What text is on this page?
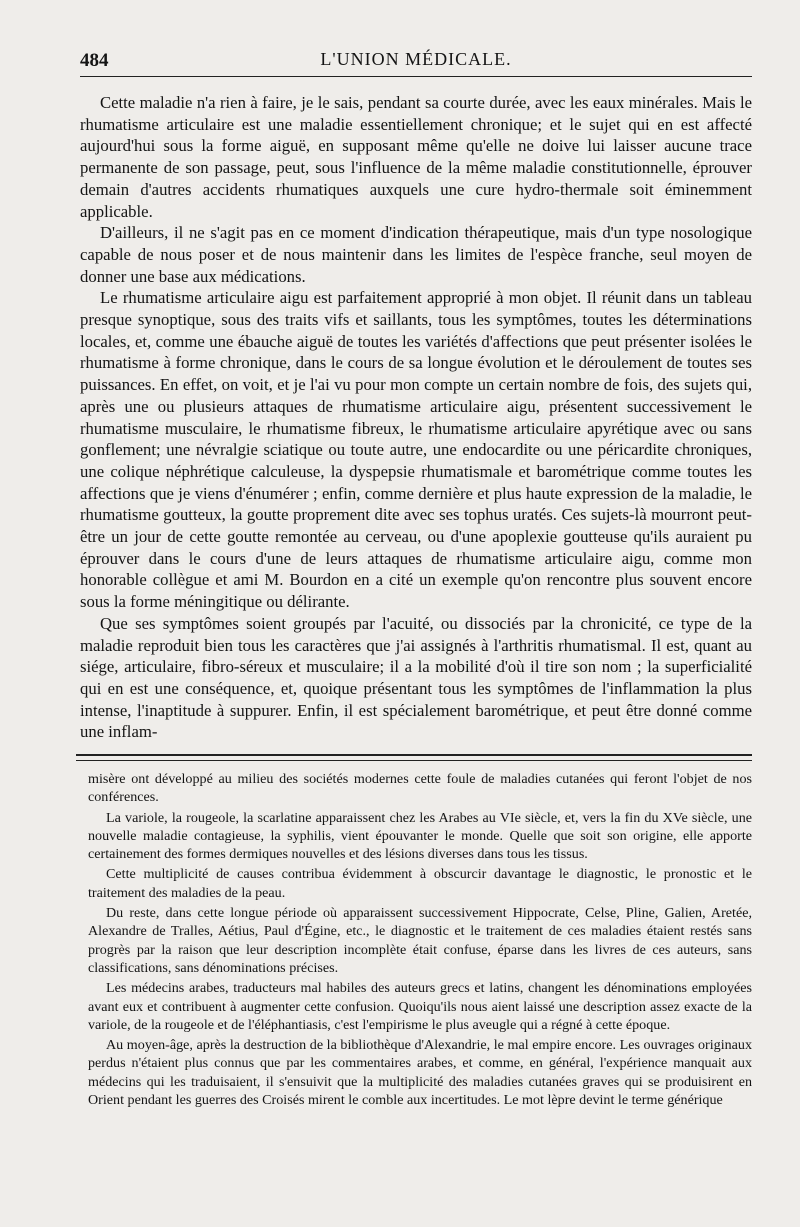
484	L'UNION MÉDICALE.

Cette maladie n'a rien à faire, je le sais, pendant sa courte durée, avec les eaux minérales. Mais le rhumatisme articulaire est une maladie essentiellement chronique; et le sujet qui en est affecté aujourd'hui sous la forme aiguë, en supposant même qu'elle ne doive lui laisser aucune trace permanente de son passage, peut, sous l'influence de la même maladie constitutionnelle, éprouver demain d'autres accidents rhumatiques auxquels une cure hydro-thermale soit éminemment applicable.

D'ailleurs, il ne s'agit pas en ce moment d'indication thérapeutique, mais d'un type nosologique capable de nous poser et de nous maintenir dans les limites de l'espèce franche, seul moyen de donner une base aux médications.

Le rhumatisme articulaire aigu est parfaitement approprié à mon objet. Il réunit dans un tableau presque synoptique, sous des traits vifs et saillants, tous les symptômes, toutes les déterminations locales, et, comme une ébauche aiguë de toutes les variétés d'affections que peut présenter isolées le rhumatisme à forme chronique, dans le cours de sa longue évolution et le déroulement de toutes ses puissances. En effet, on voit, et je l'ai vu pour mon compte un certain nombre de fois, des sujets qui, après une ou plusieurs attaques de rhumatisme articulaire aigu, présentent successivement le rhumatisme musculaire, le rhumatisme fibreux, le rhumatisme articulaire apyrétique avec ou sans gonflement; une névralgie sciatique ou toute autre, une endocardite ou une péricardite chroniques, une colique néphrétique calculeuse, la dyspepsie rhumatismale et barométrique comme toutes les affections que je viens d'énumérer ; enfin, comme dernière et plus haute expression de la maladie, le rhumatisme goutteux, la goutte proprement dite avec ses tophus uratés. Ces sujets-là mourront peut-être un jour de cette goutte remontée au cerveau, ou d'une apoplexie goutteuse qu'ils auraient pu éprouver dans le cours d'une de leurs attaques de rhumatisme articulaire aigu, comme mon honorable collègue et ami M. Bourdon en a cité un exemple qu'on rencontre plus souvent encore sous la forme méningitique ou délirante.

Que ses symptômes soient groupés par l'acuité, ou dissociés par la chronicité, ce type de la maladie reproduit bien tous les caractères que j'ai assignés à l'arthritis rhumatismal. Il est, quant au siége, articulaire, fibro-séreux et musculaire; il a la mobilité d'où il tire son nom ; la superficialité qui en est une conséquence, et, quoique présentant tous les symptômes de l'inflammation la plus intense, l'inaptitude à suppurer. Enfin, il est spécialement barométrique, et peut être donné comme une inflam-

misère ont développé au milieu des sociétés modernes cette foule de maladies cutanées qui feront l'objet de nos conférences.

La variole, la rougeole, la scarlatine apparaissent chez les Arabes au VIe siècle, et, vers la fin du XVe siècle, une nouvelle maladie contagieuse, la syphilis, vient épouvanter le monde. Quelle que soit son origine, elle apporte certainement des formes dermiques nouvelles et des lésions diverses dans tous les tissus.

Cette multiplicité de causes contribua évidemment à obscurcir davantage le diagnostic, le pronostic et le traitement des maladies de la peau.

Du reste, dans cette longue période où apparaissent successivement Hippocrate, Celse, Pline, Galien, Aretée, Alexandre de Tralles, Aétius, Paul d'Égine, etc., le diagnostic et le traitement de ces maladies étaient restés sans progrès par la raison que leur description incomplète était confuse, éparse dans les livres de ces auteurs, sans classifications, sans dénominations précises.

Les médecins arabes, traducteurs mal habiles des auteurs grecs et latins, changent les dénominations employées avant eux et contribuent à augmenter cette confusion. Quoiqu'ils nous aient laissé une description assez exacte de la variole, de la rougeole et de l'éléphantiasis, c'est l'empirisme le plus aveugle qui a régné à cette époque.

Au moyen-âge, après la destruction de la bibliothèque d'Alexandrie, le mal empire encore. Les ouvrages originaux perdus n'étaient plus connus que par les commentaires arabes, et comme, en général, l'expérience manquait aux médecins qui les traduisaient, il s'ensuivit que la multiplicité des maladies cutanées graves qui se produisirent en Orient pendant les guerres des Croisés mirent le comble aux incertitudes. Le mot lèpre devint le terme générique
